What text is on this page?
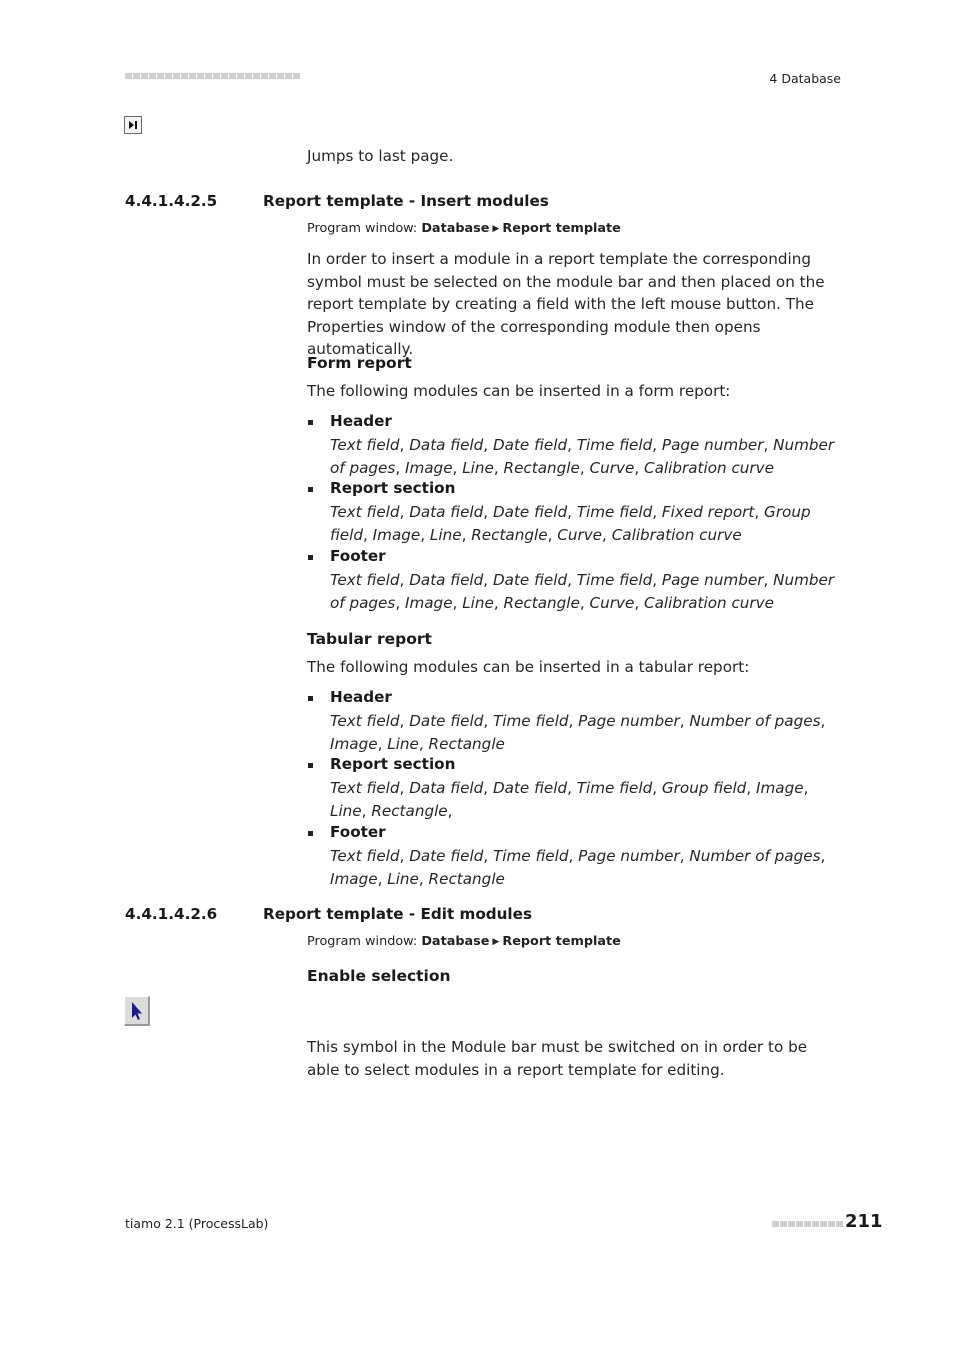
4 Database
Jumps to last page.
4.4.1.4.2.5	Report template - Insert modules
Program window: Database ▶ Report template
In order to insert a module in a report template the corresponding symbol must be selected on the module bar and then placed on the report template by creating a field with the left mouse button. The Properties window of the corresponding module then opens automatically.
Form report
The following modules can be inserted in a form report:
Header
Text field, Data field, Date field, Time field, Page number, Number of pages, Image, Line, Rectangle, Curve, Calibration curve
Report section
Text field, Data field, Date field, Time field, Fixed report, Group field, Image, Line, Rectangle, Curve, Calibration curve
Footer
Text field, Data field, Date field, Time field, Page number, Number of pages, Image, Line, Rectangle, Curve, Calibration curve
Tabular report
The following modules can be inserted in a tabular report:
Header
Text field, Date field, Time field, Page number, Number of pages, Image, Line, Rectangle
Report section
Text field, Data field, Date field, Time field, Group field, Image, Line, Rectangle,
Footer
Text field, Date field, Time field, Page number, Number of pages, Image, Line, Rectangle
4.4.1.4.2.6	Report template - Edit modules
Program window: Database ▶ Report template
Enable selection
This symbol in the Module bar must be switched on in order to be able to select modules in a report template for editing.
tiamo 2.1 (ProcessLab)	211
